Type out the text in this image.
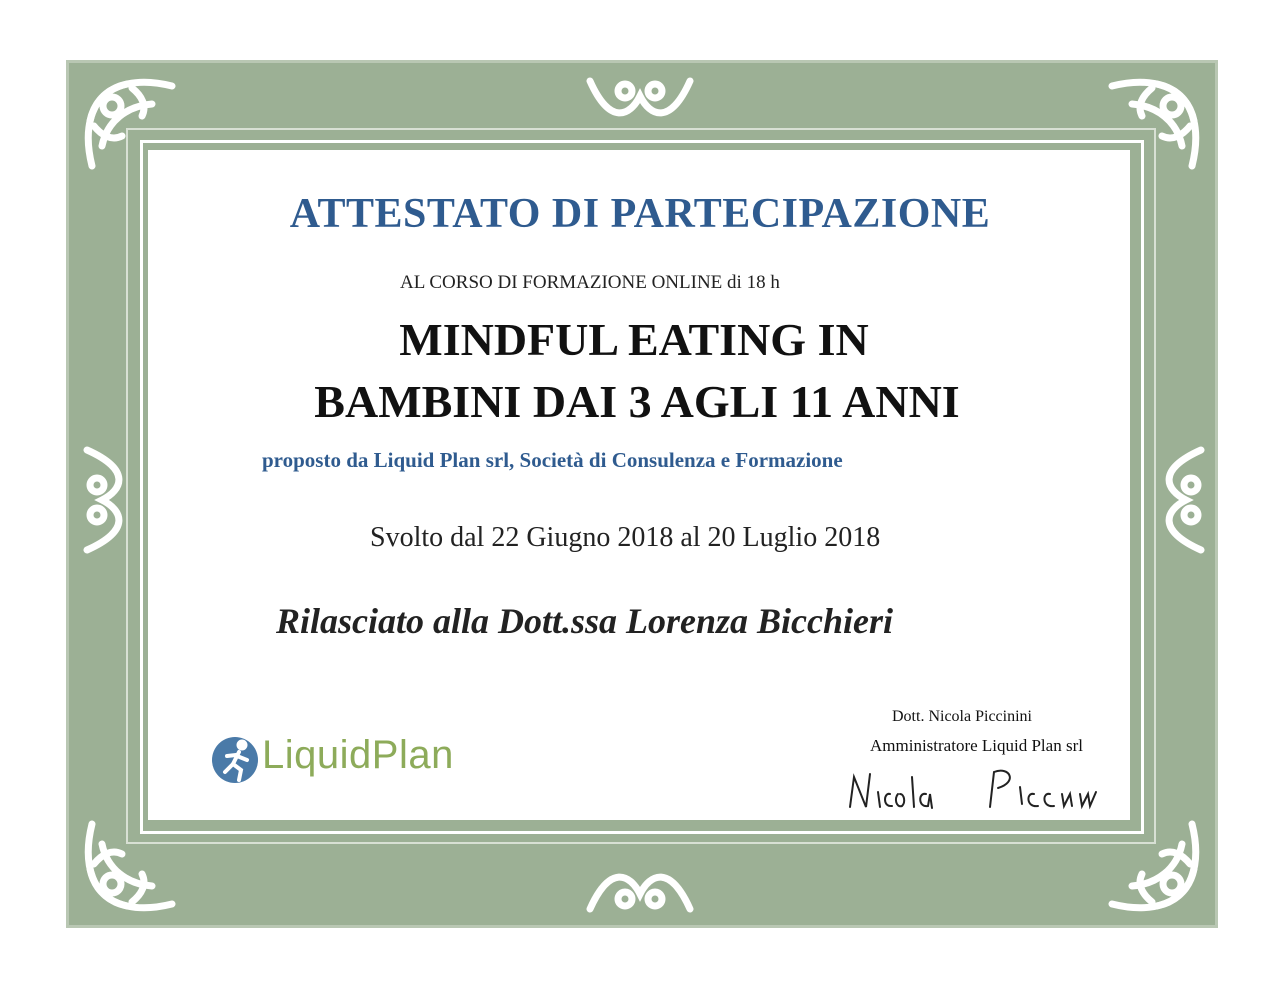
ATTESTATO DI PARTECIPAZIONE
AL CORSO DI FORMAZIONE ONLINE di 18 h
MINDFUL EATING IN
BAMBINI DAI 3 AGLI 11 ANNI
proposto da Liquid Plan srl, Società di Consulenza e Formazione
Svolto dal 22 Giugno 2018 al 20 Luglio 2018
Rilasciato alla Dott.ssa Lorenza Bicchieri
LiquidPlan
Dott. Nicola Piccinini
Amministratore Liquid Plan srl
